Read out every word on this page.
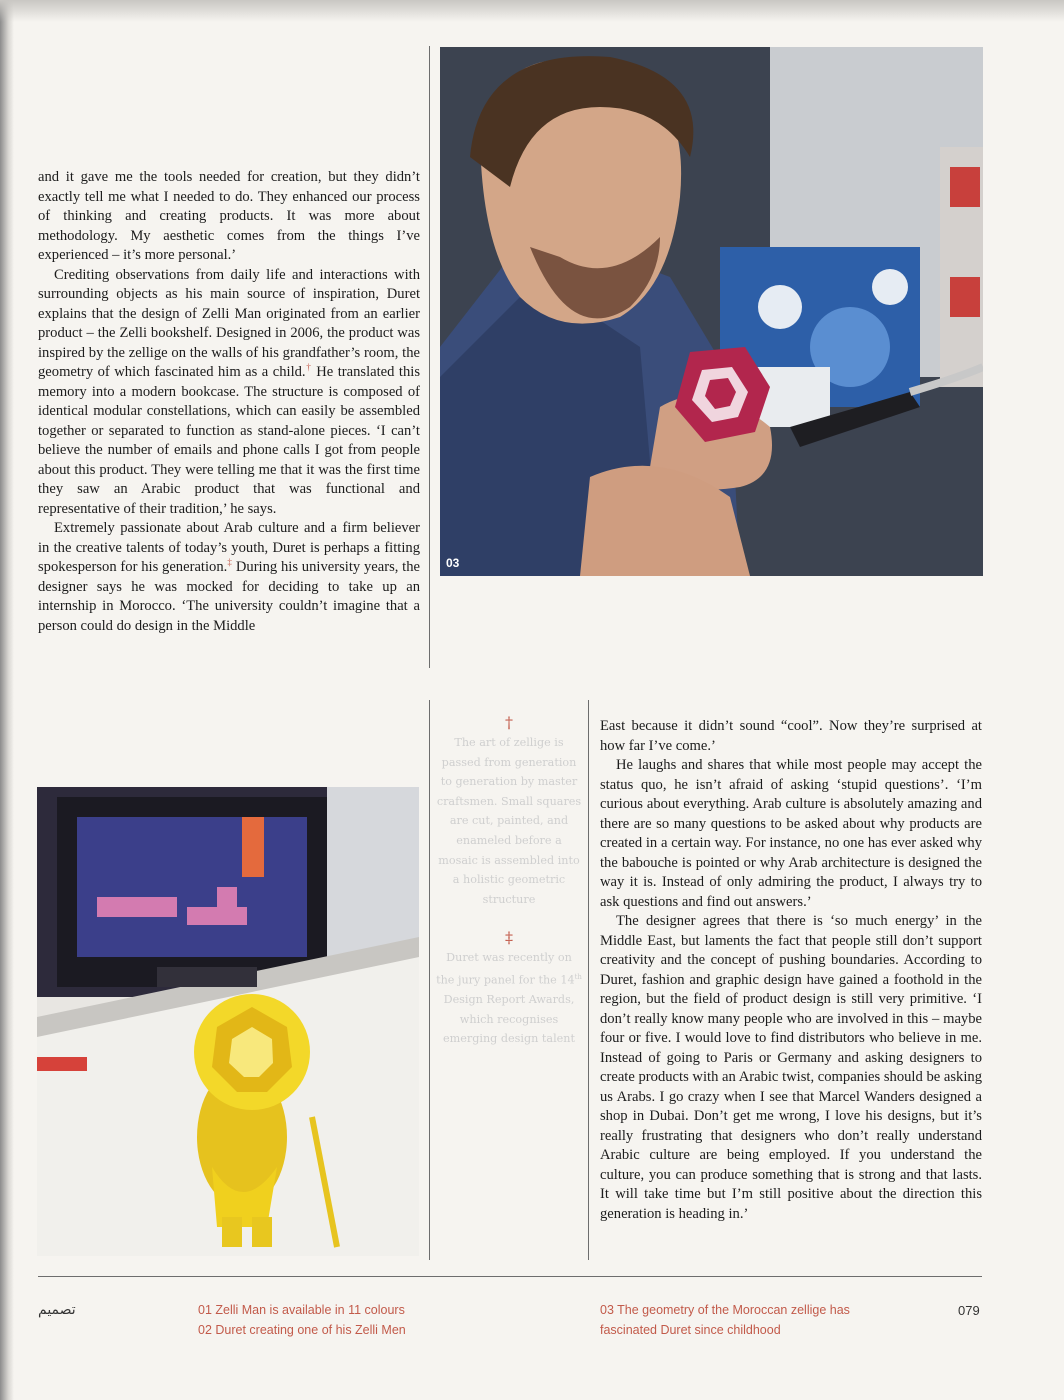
and it gave me the tools needed for creation, but they didn’t exactly tell me what I needed to do. They enhanced our process of thinking and creating products. It was more about methodology. My aesthetic comes from the things I’ve experienced – it’s more personal.’

Crediting observations from daily life and interactions with surrounding objects as his main source of inspiration, Duret explains that the design of Zelli Man originated from an earlier product – the Zelli bookshelf. Designed in 2006, the product was inspired by the zellige on the walls of his grandfather’s room, the geometry of which fascinated him as a child.† He translated this memory into a modern bookcase. The structure is composed of identical modular constellations, which can easily be assembled together or separated to function as stand-alone pieces. ‘I can’t believe the number of emails and phone calls I got from people about this product. They were telling me that it was the first time they saw an Arabic product that was functional and representative of their tradition,’ he says.

Extremely passionate about Arab culture and a firm believer in the creative talents of today’s youth, Duret is perhaps a fitting spokesperson for his generation.‡ During his university years, the designer says he was mocked for deciding to take up an internship in Morocco. ‘The university couldn’t imagine that a person could do design in the Middle

03
†
The art of zellige is passed from generation to generation by master craftsmen. Small squares are cut, painted, and enameled before a mosaic is assembled into a holistic geometric structure
‡
Duret was recently on the jury panel for the 14th Design Report Awards, which recognises emerging design talent

East because it didn’t sound “cool”. Now they’re surprised at how far I’ve come.’

He laughs and shares that while most people may accept the status quo, he isn’t afraid of asking ‘stupid questions’. ‘I’m curious about everything. Arab culture is absolutely amazing and there are so many questions to be asked about why products are created in a certain way. For instance, no one has ever asked why the babouche is pointed or why Arab architecture is designed the way it is. Instead of only admiring the product, I always try to ask questions and find out answers.’

The designer agrees that there is ‘so much energy’ in the Middle East, but laments the fact that people still don’t support creativity and the concept of pushing boundaries. According to Duret, fashion and graphic design have gained a foothold in the region, but the field of product design is still very primitive. ‘I don’t really know many people who are involved in this – maybe four or five. I would love to find distributors who believe in me. Instead of going to Paris or Germany and asking designers to create products with an Arabic twist, companies should be asking us Arabs. I go crazy when I see that Marcel Wanders designed a shop in Dubai. Don’t get me wrong, I love his designs, but it’s really frustrating that designers who don’t really understand Arabic culture are being employed. If you understand the culture, you can produce something that is strong and that lasts. It will take time but I’m still positive about the direction this generation is heading in.’

تصميم	01 Zelli Man is available in 11 colours
02 Duret creating one of his Zelli Men
03 The geometry of the Moroccan zellige has fascinated Duret since childhood
079
